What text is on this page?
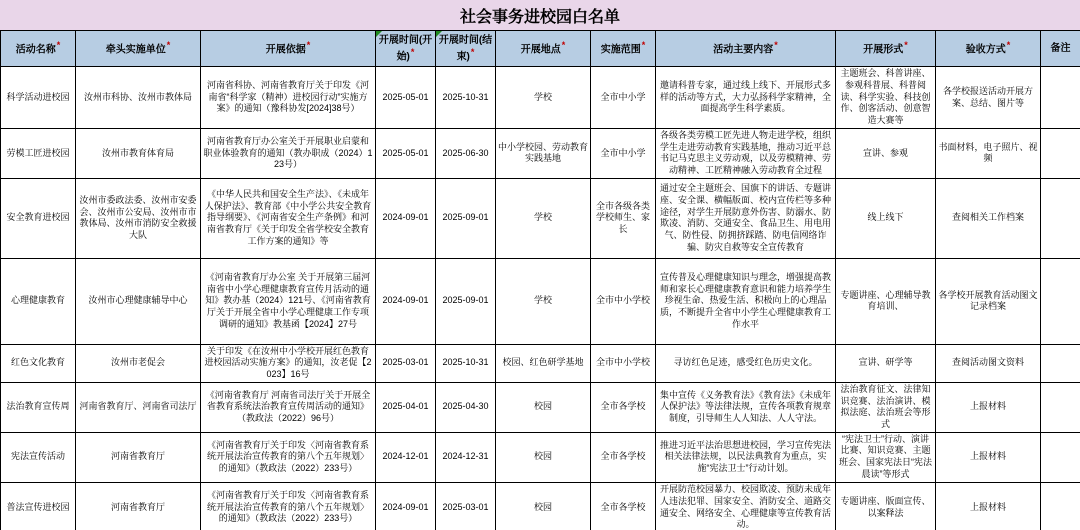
社会事务进校园白名单
活动名称*	牵头实施单位*	开展依据*	开展时间(开始)*	开展时间(结束)*	开展地点*	实施范围*	活动主要内容*	开展形式*	验收方式*	备注
科学活动进校园	汝州市科协、汝州市教体局	河南省科协、河南省教育厅关于印发《河南省“科学家（精神）进校园行动”实施方案》的通知（豫科协发[2024]38号）	2025-05-01	2025-10-31	学校	全市中小学	邀请科普专家，通过线上线下、开展形式多样的活动等方式，大力弘扬科学家精神，全面提高学生科学素质。	主题班会、科普讲座、参观科普展、科普阅读、科学实验、科技创作、创客活动、创意智造大赛等	各学校报送活动开展方案、总结、图片等	
劳模工匠进校园	汝州市教育体育局	河南省教育厅办公室关于开展职业启蒙和职业体验教育的通知（教办职成（2024）123号）	2025-05-01	2025-06-30	中小学校园、劳动教育实践基地	全市中小学	各级各类劳模工匠先进人物走进学校，组织学生走进劳动教育实践基地，推动习近平总书记马克思主义劳动观，以及劳模精神、劳动精神、工匠精神融入劳动教育全过程	宣讲、参观	书面材料，电子照片、视频	
安全教育进校园	汝州市委政法委、汝州市安委会、汝州市公安局、汝州市市教体局、汝州市消防安全救援大队	《中华人民共和国安全生产法》、《未成年人保护法》、教育部《中小学公共安全教育指导纲要》、《河南省安全生产条例》和河南省教育厅《关于印发全省学校安全教育工作方案的通知》等	2024-09-01	2025-09-01	学校	全市各级各类学校师生、家长	通过安全主题班会、国旗下的讲话、专题讲座、安全课、横幅版面、校内宣传栏等多种途径，对学生开展防意外伤害、防溺水、防欺凌、消防、交通安全、食品卫生、用电用气、防性侵、防拥挤踩踏、防电信网络诈骗、防灾自救等安全宣传教育	线上线下	查阅相关工作档案	
心理健康教育	汝州市心理健康辅导中心	《河南省教育厅办公室 关于开展第三届河南省中小学心理健康教育宣传月活动的通知》教办基（2024）121号、《河南省教育厅关于开展全省中小学心理健康工作专项调研的通知》教基函【2024】27号	2024-09-01	2025-09-01	学校	全市中小学校	宣传普及心理健康知识与理念，增强提高教师和家长心理健康教育意识和能力培养学生珍视生命、热爱生活、积极向上的心理品质，不断提升全省中小学生心理健康教育工作水平	专题讲座、心理辅导教育培训、	各学校开展教育活动图文记录档案	
红色文化教育	汝州市老促会	关于印发《在汝州中小学校开展红色教育进校园活动实施方案》的通知，汝老促【2023】16号	2025-03-01	2025-10-31	校园、红色研学基地	全市中小学校	寻访红色足迹，感受红色历史文化。	宣讲、研学等	查阅活动图文资料	
法治教育宣传周	河南省教育厅、河南省司法厅	《河南省教育厅 河南省司法厅关于开展全省教育系统法治教育宣传周活动的通知》（教政法（2022）96号）	2025-04-01	2025-04-30	校园	全市各学校	集中宣传《义务教育法》《教育法》《未成年人保护法》等法律法规，宣传各项教育规章制度，引导师生人人知法、人人守法。	法治教育征文、法律知识竞赛、法治演讲、模拟法庭、法治班会等形式	上报材料	
宪法宣传活动	河南省教育厅	《河南省教育厅关于印发〈河南省教育系统开展法治宣传教育的第八个五年规划〉的通知》（教政法（2022）233号）	2024-12-01	2024-12-31	校园	全市各学校	推进习近平法治思想进校园，学习宣传宪法相关法律法规，以民法典教育为重点，实施“宪法卫士”行动计划。	“宪法卫士”行动、演讲比赛、知识竞赛、主题班会、国家宪法日“宪法晨读”等形式	上报材料	
普法宣传进校园	河南省教育厅	《河南省教育厅关于印发〈河南省教育系统开展法治宣传教育的第八个五年规划〉的通知》（教政法（2022）233号）	2024-09-01	2025-03-01	校园	全市各学校	开展防范校园暴力、校园欺凌、预防未成年人违法犯罪、国家安全、消防安全、道路交通安全、网络安全、心理健康等宣传教育活动。	专题讲座、版面宣传、以案释法	上报材料	
